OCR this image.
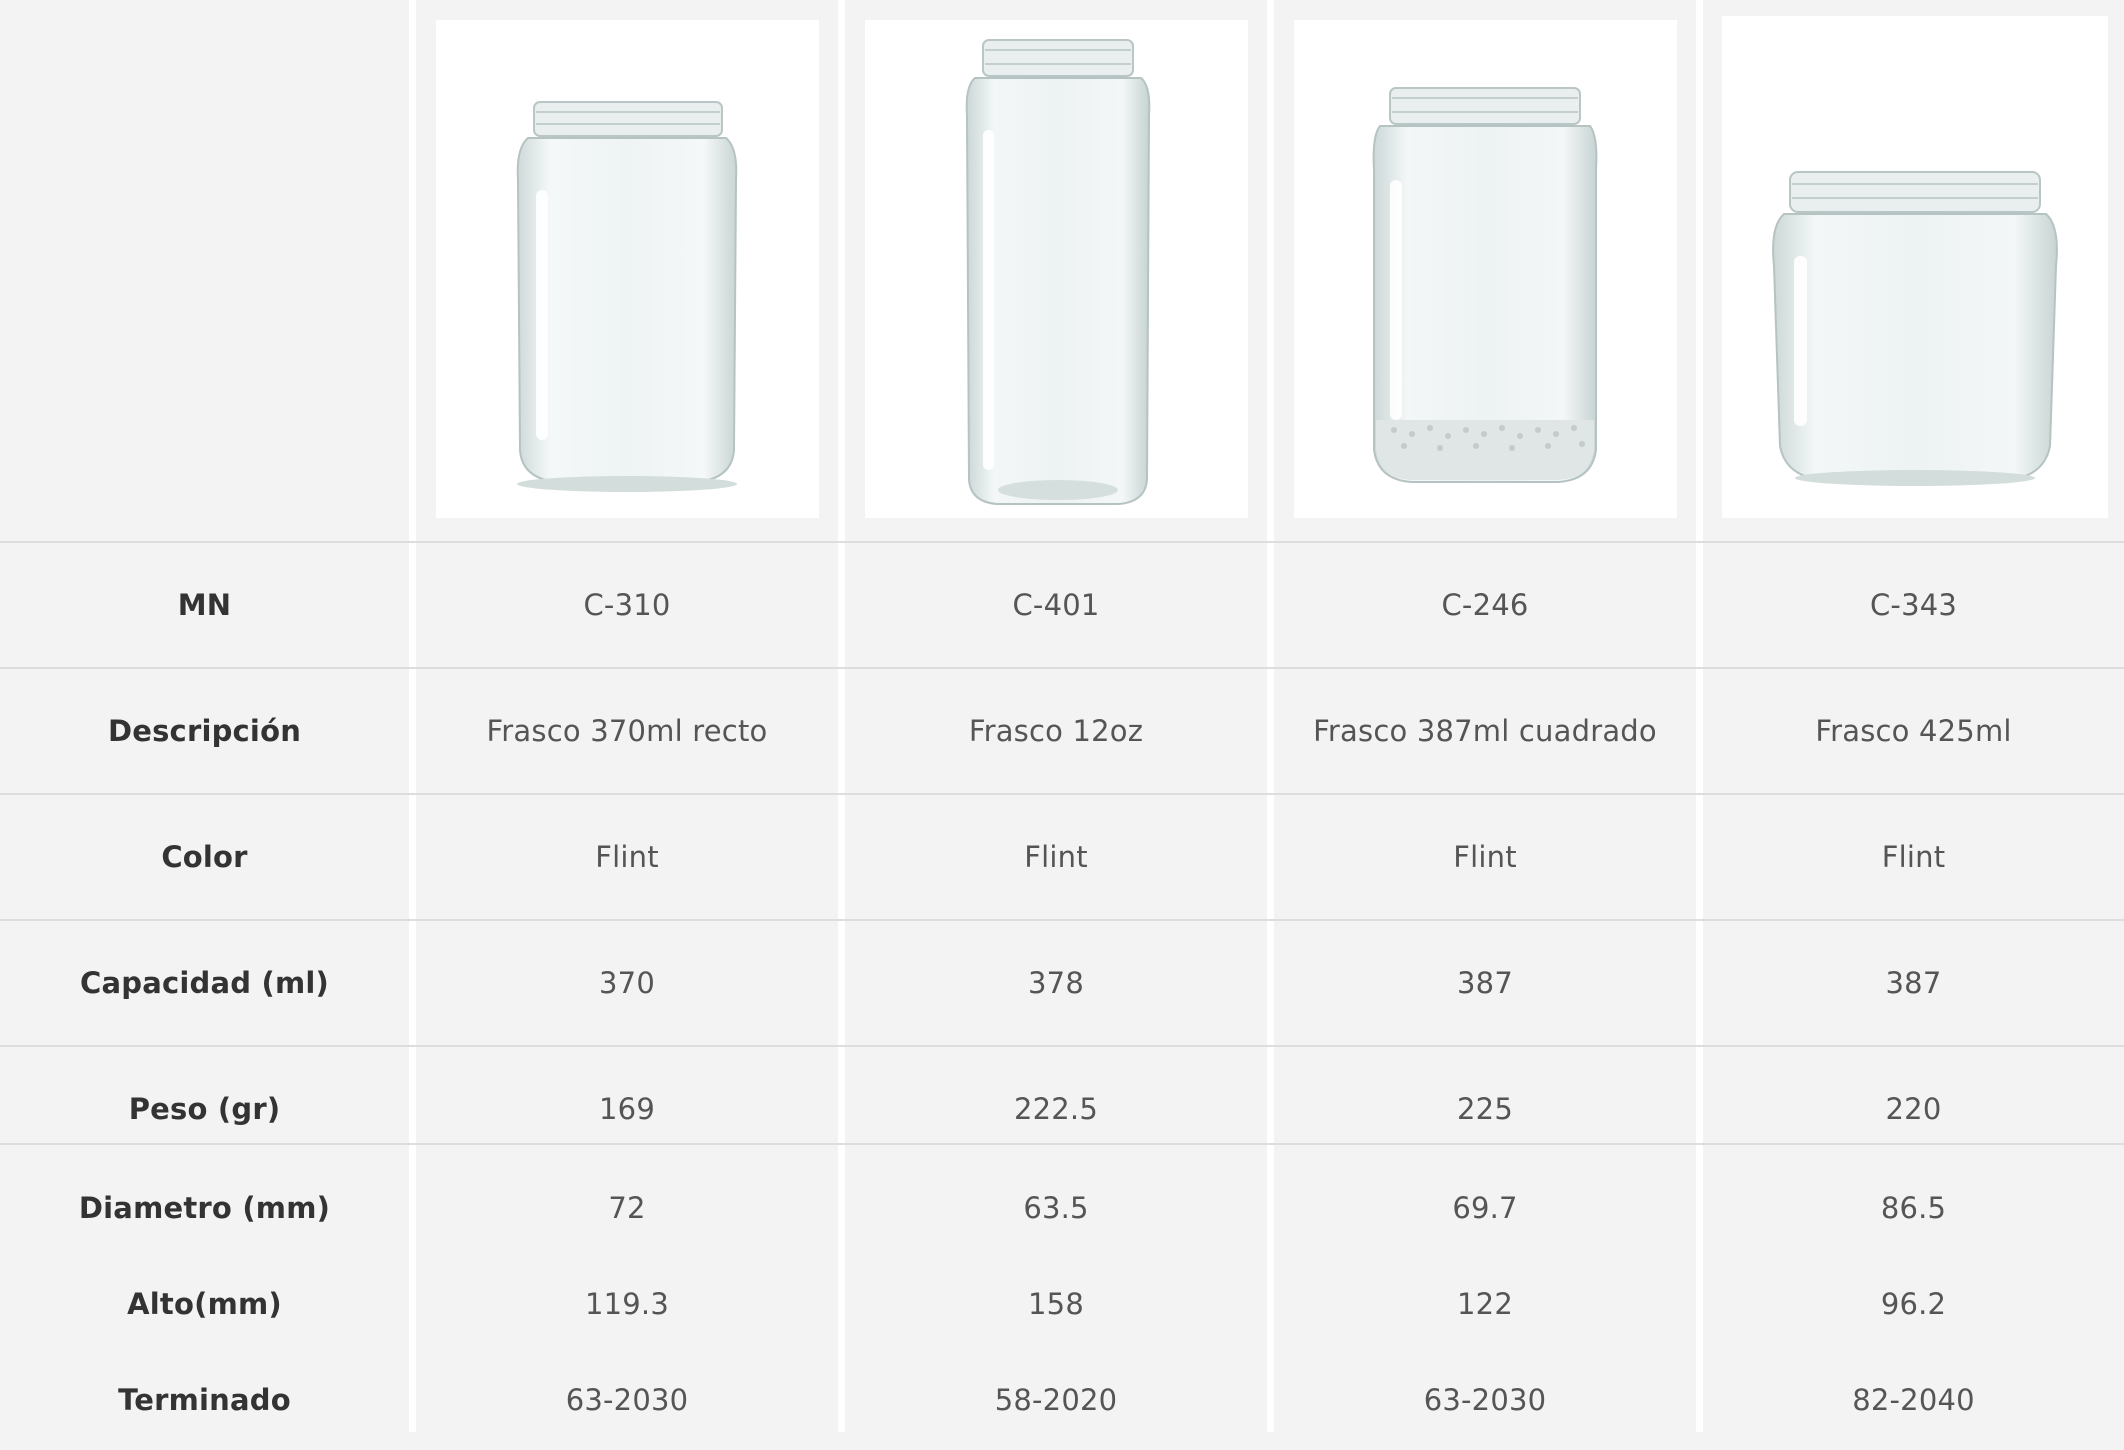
MN
Descripción
Color
Capacidad (ml)
Peso (gr)
Diametro (mm)
Alto(mm)
Terminado
C-310
Frasco 370ml recto
Flint
370
169
72
119.3
63-2030
C-401
Frasco 12oz
Flint
378
222.5
63.5
158
58-2020
C-246
Frasco 387ml cuadrado
Flint
387
225
69.7
122
63-2030
C-343
Frasco 425ml
Flint
387
220
86.5
96.2
82-2040
